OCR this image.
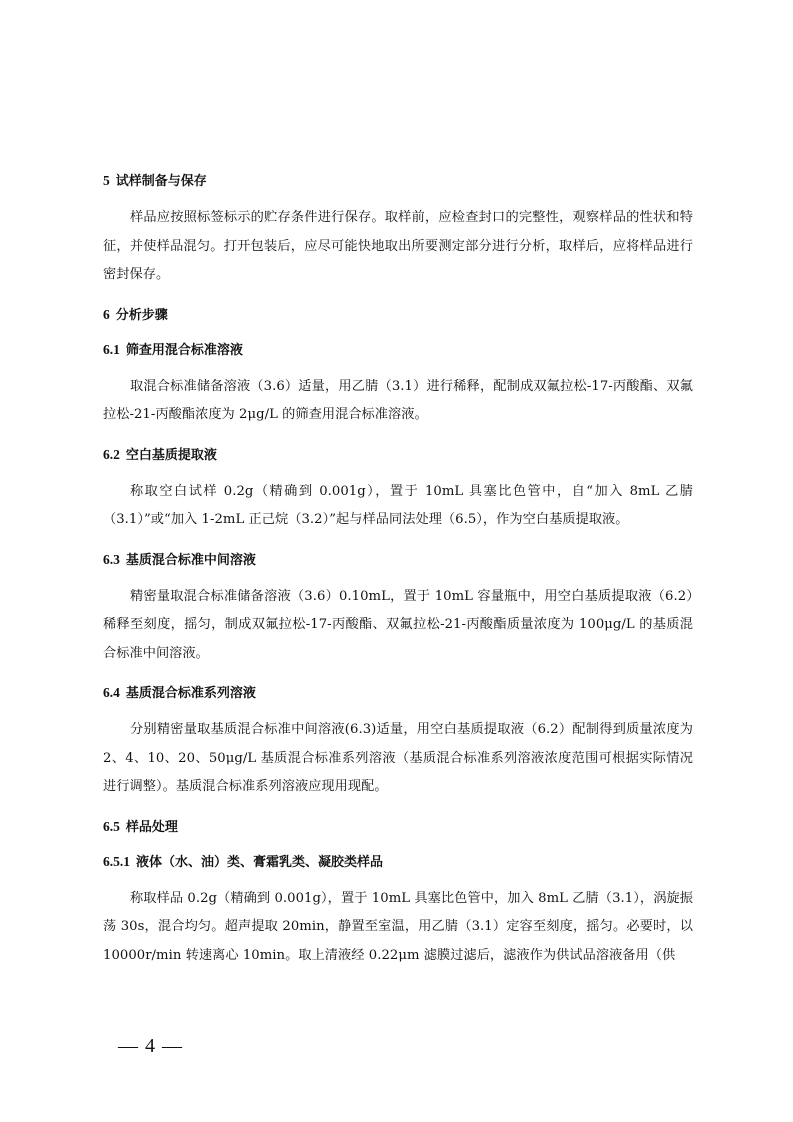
5 试样制备与保存

样品应按照标签标示的贮存条件进行保存。取样前，应检查封口的完整性，观察样品的性状和特征，并使样品混匀。打开包装后，应尽可能快地取出所要测定部分进行分析，取样后，应将样品进行密封保存。

6 分析步骤
6.1 筛查用混合标准溶液

取混合标准储备溶液（3.6）适量，用乙腈（3.1）进行稀释，配制成双氟拉松-17-丙酸酯、双氟拉松-21-丙酸酯浓度为 2μg/L 的筛查用混合标准溶液。

6.2 空白基质提取液

称取空白试样 0.2g（精确到 0.001g），置于 10mL 具塞比色管中，自“加入 8mL 乙腈（3.1）”或“加入 1-2mL 正己烷（3.2）”起与样品同法处理（6.5），作为空白基质提取液。

6.3 基质混合标准中间溶液

精密量取混合标准储备溶液（3.6）0.10mL，置于 10mL 容量瓶中，用空白基质提取液（6.2）稀释至刻度，摇匀，制成双氟拉松-17-丙酸酯、双氟拉松-21-丙酸酯质量浓度为 100μg/L 的基质混合标准中间溶液。

6.4 基质混合标准系列溶液

分别精密量取基质混合标准中间溶液(6.3)适量，用空白基质提取液（6.2）配制得到质量浓度为 2、4、10、20、50μg/L 基质混合标准系列溶液（基质混合标准系列溶液浓度范围可根据实际情况进行调整）。基质混合标准系列溶液应现用现配。

6.5 样品处理
6.5.1 液体（水、油）类、膏霜乳类、凝胶类样品

称取样品 0.2g（精确到 0.001g），置于 10mL 具塞比色管中，加入 8mL 乙腈（3.1），涡旋振荡 30s，混合均匀。超声提取 20min，静置至室温，用乙腈（3.1）定容至刻度，摇匀。必要时，以 10000r/min 转速离心 10min。取上清液经 0.22μm 滤膜过滤后，滤液作为供试品溶液备用（供

— 4 —
